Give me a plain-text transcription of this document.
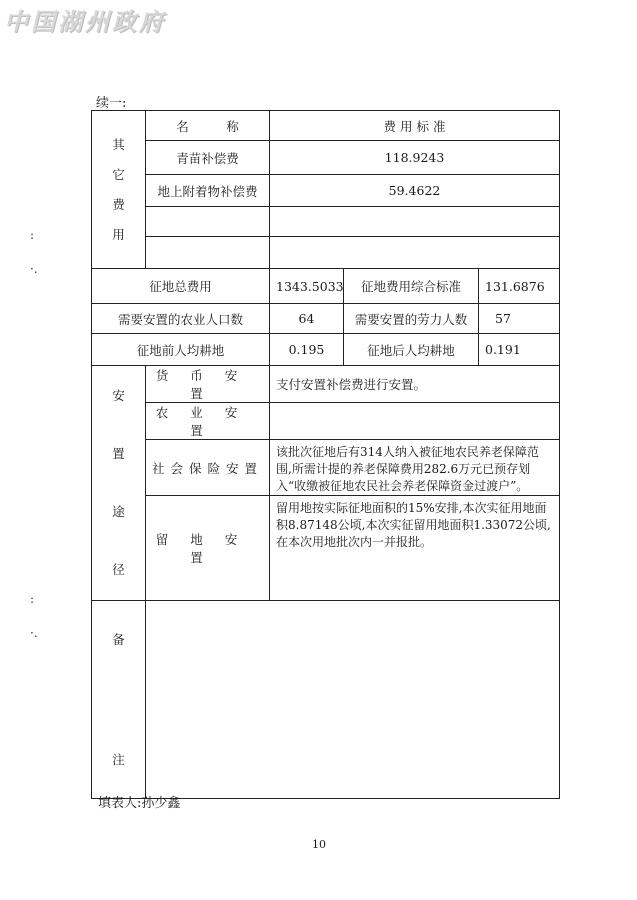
中国湖州政府
续一:
:
·.
:
·.
其
它
费
用	名　　　称	费 用 标 准		
	青苗补偿费	118.9243		
	地上附着物补偿费	59.4622		

征地总费用		1343.5033	征地费用综合标准	131.6876
需要安置的农业人口数		64	需要安置的劳力人数	57
征地前人均耕地		0.195	征地后人均耕地	0.191

安
置
途
径	货币安置	支付安置补偿费进行安置。		
	农业安置			
	社会保险安置	该批次征地后有314人纳入被征地农民养老保障范围,所需计提的养老保障费用282.6万元已预存划入“收缴被征地农民社会养老保障资金过渡户”。		
	留地安置	留用地按实际征地面积的15%安排,本次实征用地面积8.87148公顷,本次实征留用地面积1.33072公顷,在本次用地批次内一并报批。		

备
注				

填表人:孙少鑫
10
